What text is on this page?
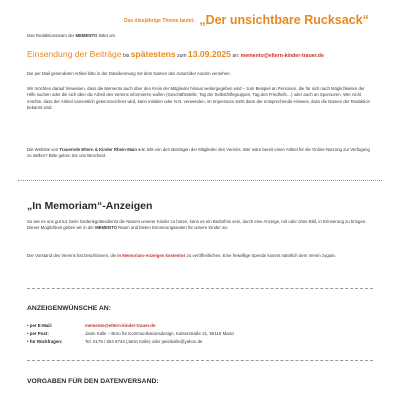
Das diesjährige Theme lautet: „Der unsichtbare Rucksack“
Das Redaktionsteam der MEMENTO bittet um
Einsendung der Beiträge bis spätestens zum 13.09.2025 an: memento@eltern-kinder-trauer.de
Die per Mail gesendeten Artikel bitte in der Dateibennung mit dem Namen des Autors/der Autorin versehen.
Wir möchten darauf hinweisen, dass die Memento auch über den Kreis der Mitglieder hinaus weitergegeben wird – zum Beispiel an Personen, die für sich nach Möglichkeiten der Hilfe suchen oder die sich über die Arbeit des Vereins informieren wollen (Geschäftsstelle, Tag der Selbsthilfegruppen, Tag des Friedhofs…) oder auch an Sponsoren. Wer nicht möchte, dass der Artikel namentlich gekennzeichnet wird, kann Initialen oder N.N. verwenden, im Impressum steht dann der entsprechende Hinweis, dass die Namen der Redaktion bekannt sind.
Die Website von Trauernde Eltern & Kinder Rhein-Main e.V. lebt von den Beiträgen der Mitglieder des Vereins. Wer wäre bereit einen Artikel für die Online-Nutzung zur Verfügung zu stellen? Bitte geben Sie uns Bescheid.
„In Memoriam“-Anzeigen
So wie es uns gut tut, beim Gedenkgottesdienst die Namen unserer Kinder zu hören, kann es ein Bedürfnis sein, durch eine Anzeige, mit oder ohne Bild, in Erinnerung zu bringen. Dieser Möglichkeit geben wir in der MEMENTO Raum und bieten Erinnerungsseiten für unsere Kinder an.
Der Vorstand des Vereins hat beschlossen, die In Memoriam-Anzeigen kostenlos zu veröffentlichen. Eine freiwillige Spende kommt natürlich dem Verein zugute.
ANZEIGENWÜNSCHE AN:
• per E-Mail:	memento@eltern-kinder-trauer.de
• per Post:	Janin Kalle – Büro für Kommunikationsdesign, Kaiserstraße 31, 55116 Mainz
• für Rückfragen:	Tel. 0175 / 654 9744 (Janin Kalle) oder janinkalle@yahoo.de
VORGABEN FÜR DEN DATENVERSAND:
